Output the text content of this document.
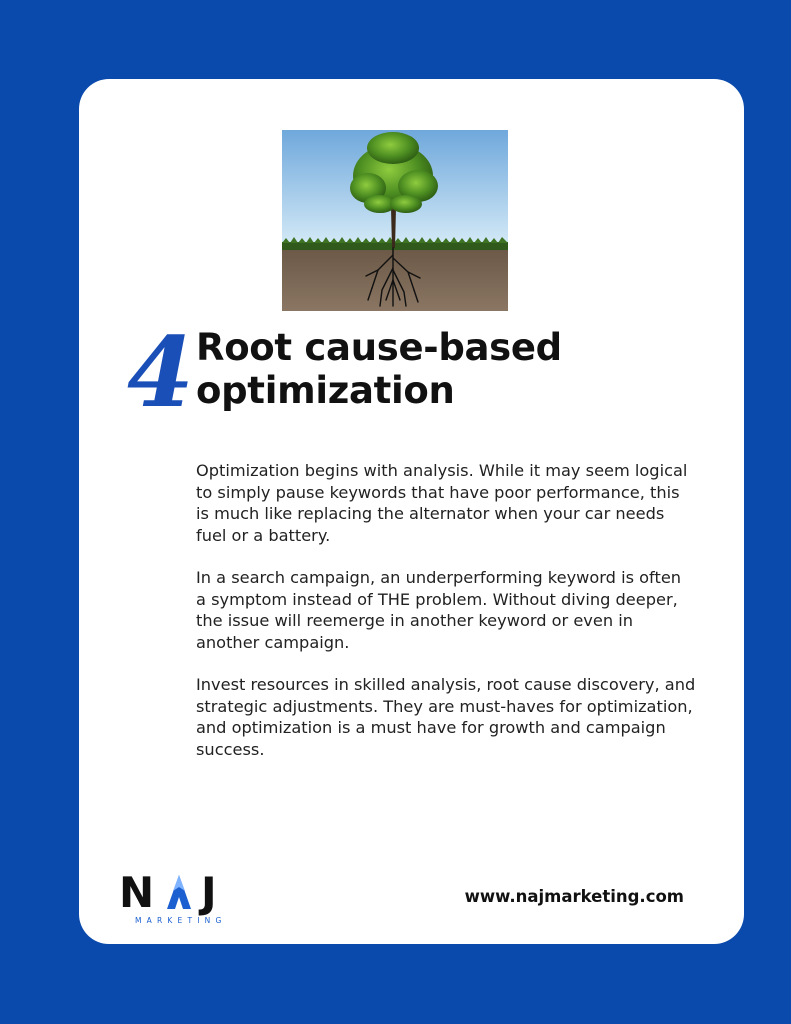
4 Root cause-based
optimization

Optimization begins with analysis. While it may seem logical to simply pause keywords that have poor performance, this is much like replacing the alternator when your car needs fuel or a battery.

In a search campaign, an underperforming keyword is often a symptom instead of THE problem. Without diving deeper, the issue will reemerge in another keyword or even in another campaign.

Invest resources in skilled analysis, root cause discovery, and strategic adjustments. They are must-haves for optimization, and optimization is a must have for growth and campaign success.

N J
MARKETING
www.najmarketing.com
